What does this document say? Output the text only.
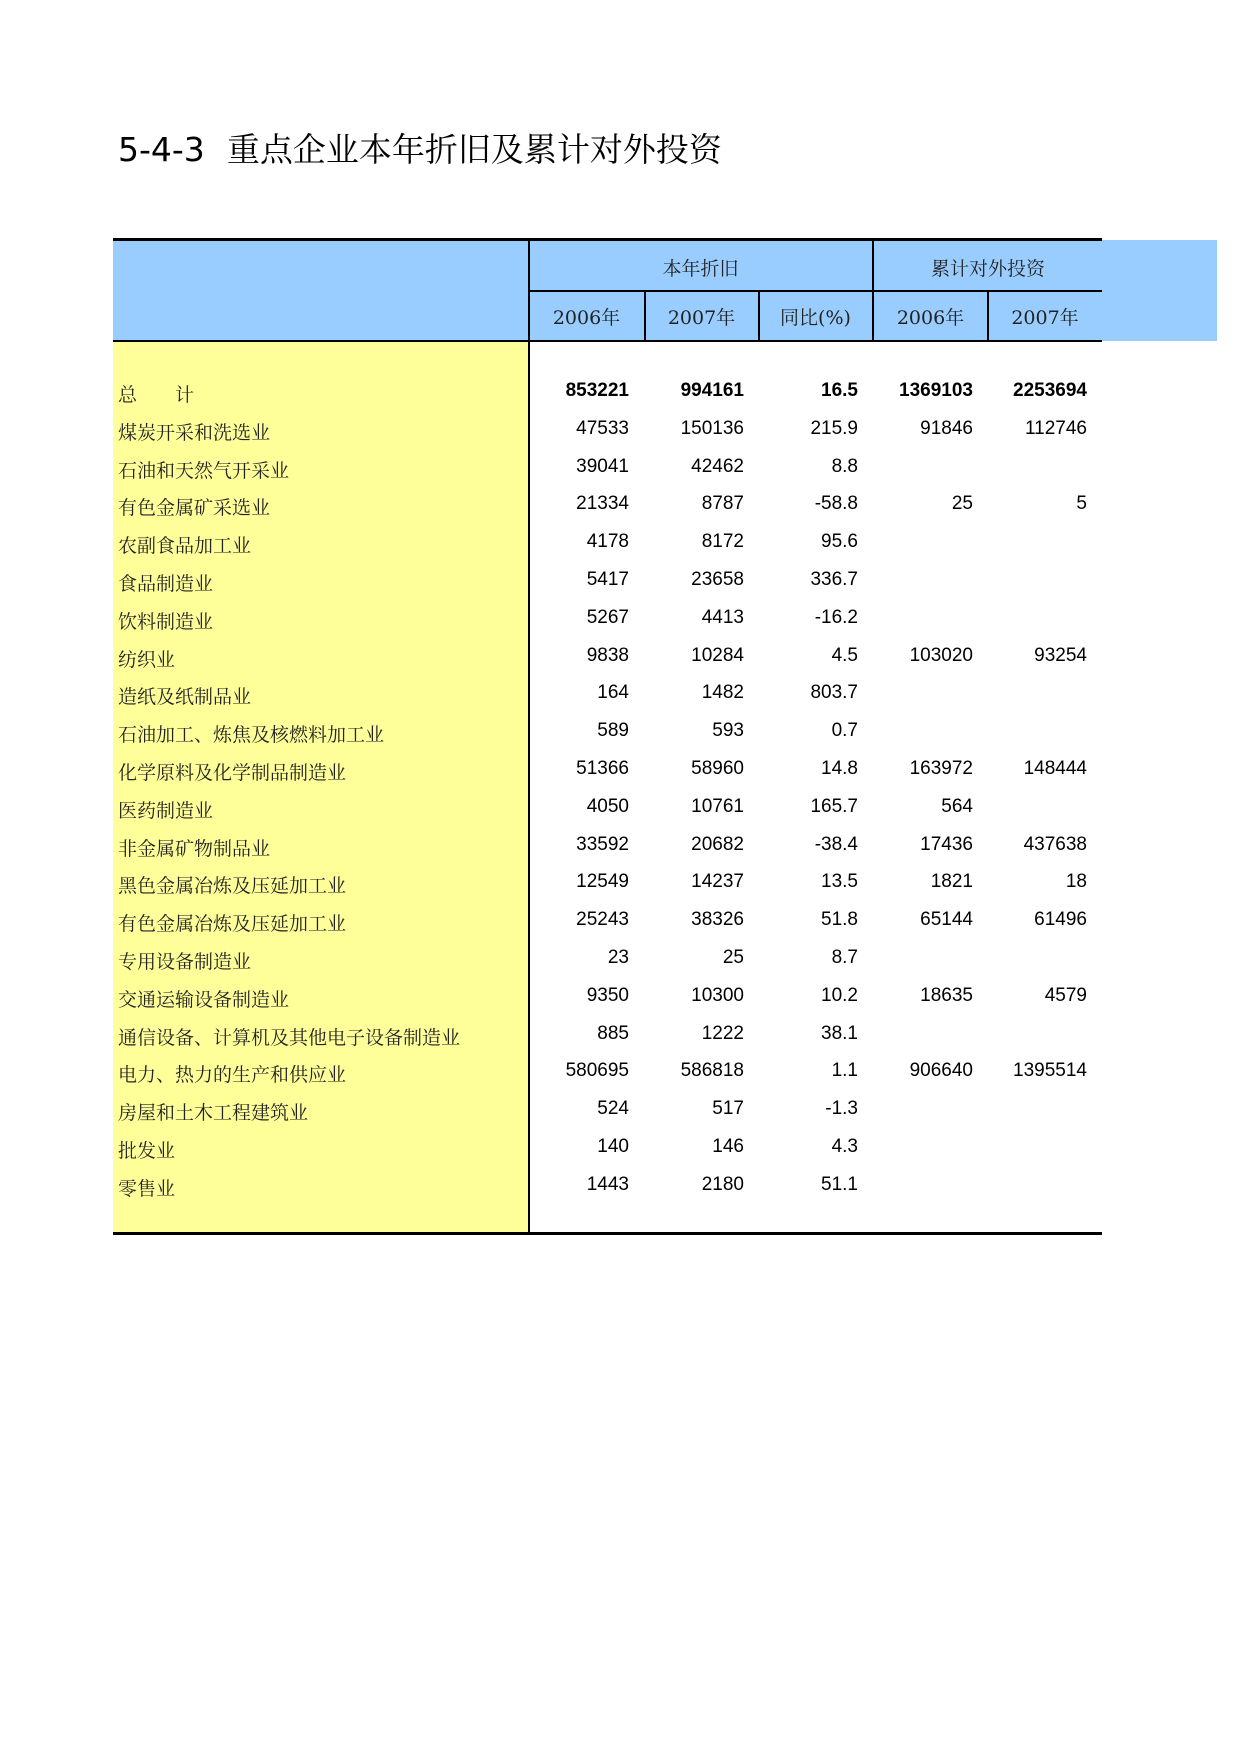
5-4-3 重点企业本年折旧及累计对外投资
本年折旧	累计对外投资
2006年	2007年	同比(%)	2006年	2007年
总　　计	853221	994161	16.5	1369103	2253694
煤炭开采和洗选业	47533	150136	215.9	91846	112746
石油和天然气开采业	39041	42462	8.8
有色金属矿采选业	21334	8787	-58.8	25	5
农副食品加工业	4178	8172	95.6
食品制造业	5417	23658	336.7
饮料制造业	5267	4413	-16.2
纺织业	9838	10284	4.5	103020	93254
造纸及纸制品业	164	1482	803.7
石油加工、炼焦及核燃料加工业	589	593	0.7
化学原料及化学制品制造业	51366	58960	14.8	163972	148444
医药制造业	4050	10761	165.7	564
非金属矿物制品业	33592	20682	-38.4	17436	437638
黑色金属冶炼及压延加工业	12549	14237	13.5	1821	18
有色金属冶炼及压延加工业	25243	38326	51.8	65144	61496
专用设备制造业	23	25	8.7
交通运输设备制造业	9350	10300	10.2	18635	4579
通信设备、计算机及其他电子设备制造业	885	1222	38.1
电力、热力的生产和供应业	580695	586818	1.1	906640	1395514
房屋和土木工程建筑业	524	517	-1.3
批发业	140	146	4.3
零售业	1443	2180	51.1
